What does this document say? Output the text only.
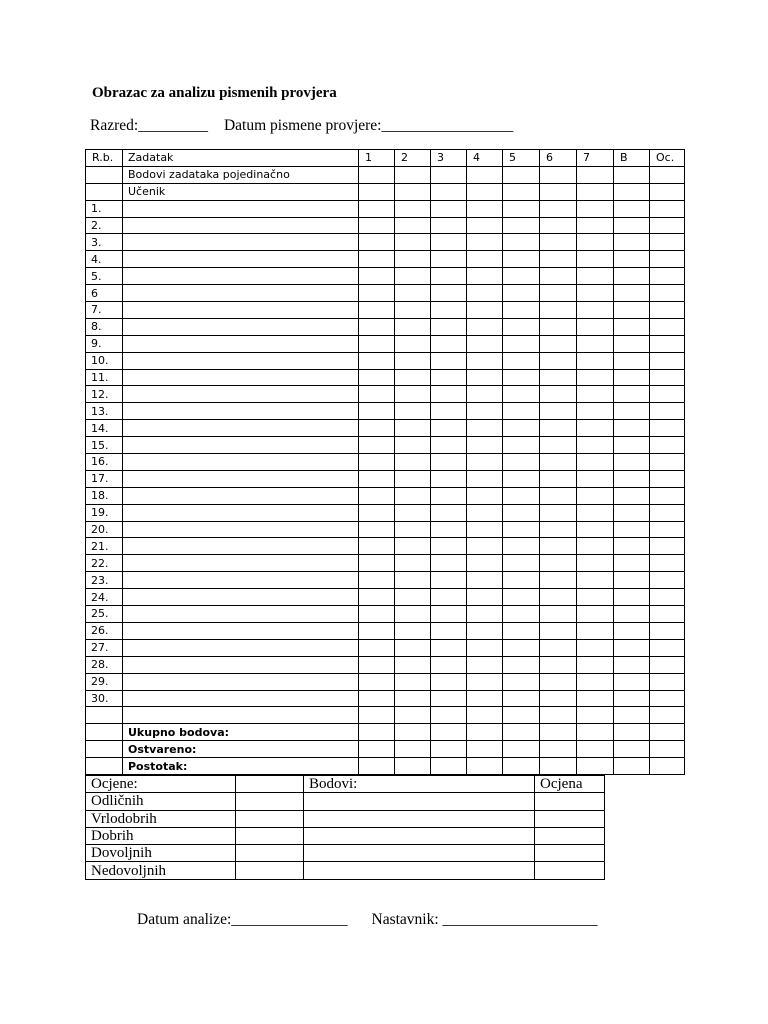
Obrazac za analizu pismenih provjera
Razred:_________ Datum pismene provjere:_________________
R.b.	Zadatak	1	2	3	4	5	6	7	B	Oc.
	Bodovi zadataka pojedinačno									
	Učenik									
1.										
2.										
3.										
4.										
5.										
6										
7.										
8.										
9.										
10.										
11.										
12.										
13.										
14.										
15.										
16.										
17.										
18.										
19.										
20.										
21.										
22.										
23.										
24.										
25.										
26.										
27.										
28.										
29.										
30.										

	Ukupno bodova:									
	Ostvareno:									
	Postotak:									
Ocjene:		Bodovi:	Ocjena
Odličnih			
Vrlodobrih			
Dobrih			
Dovoljnih			
Nedovoljnih			
Datum analize:_______________ Nastavnik: ____________________
